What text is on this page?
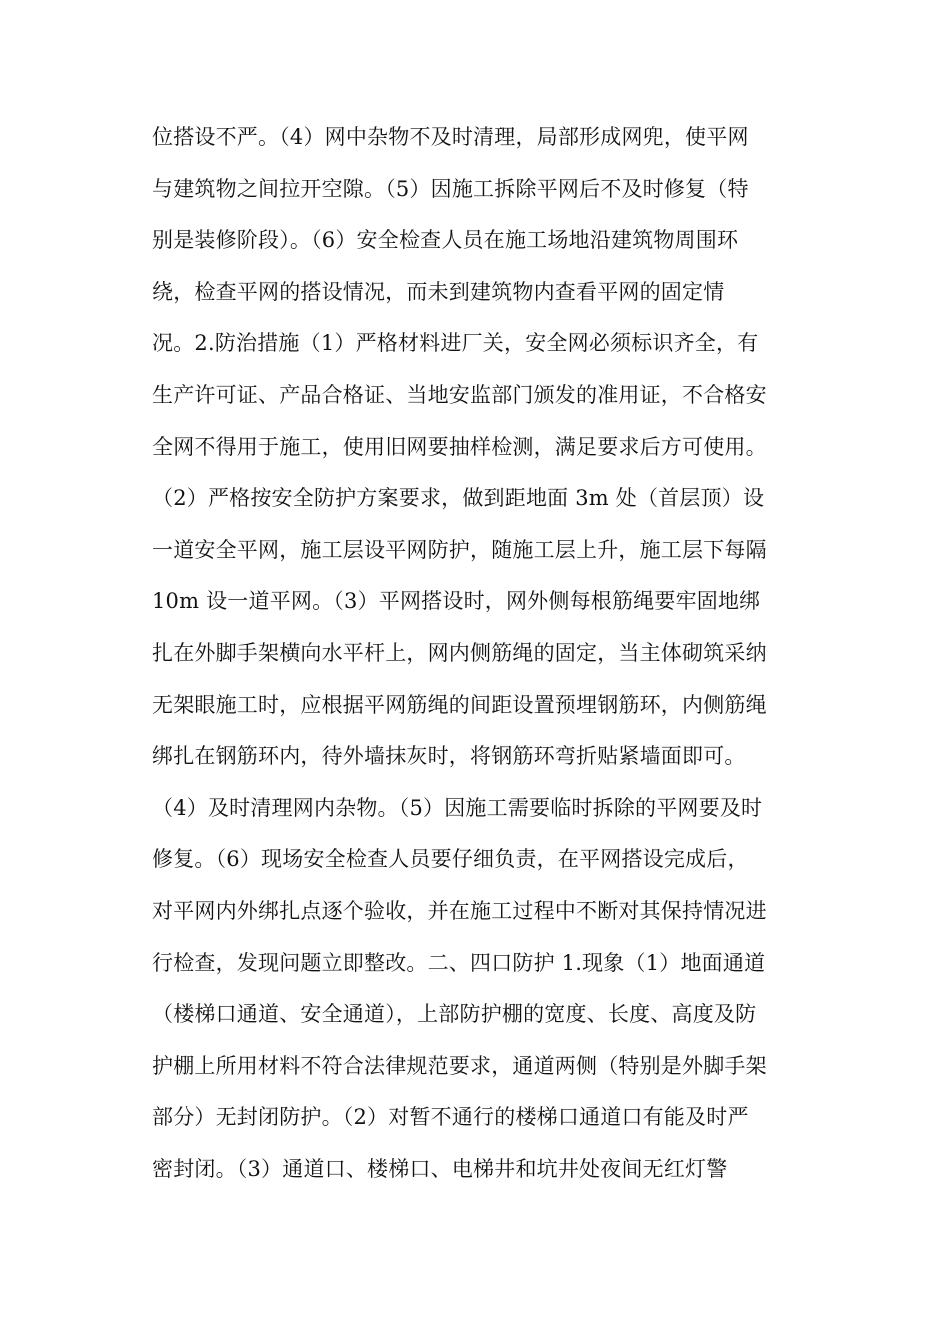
位搭设不严。（4）网中杂物不及时清理，局部形成网兜，使平网
与建筑物之间拉开空隙。（5）因施工拆除平网后不及时修复（特
别是装修阶段）。（6）安全检查人员在施工场地沿建筑物周围环
绕，检查平网的搭设情况，而未到建筑物内查看平网的固定情
况。2.防治措施（1）严格材料进厂关，安全网必须标识齐全，有
生产许可证、产品合格证、当地安监部门颁发的准用证，不合格安
全网不得用于施工，使用旧网要抽样检测，满足要求后方可使用。
（2）严格按安全防护方案要求，做到距地面 3m 处（首层顶）设
一道安全平网，施工层设平网防护，随施工层上升，施工层下每隔
10m 设一道平网。（3）平网搭设时，网外侧每根筋绳要牢固地绑
扎在外脚手架横向水平杆上，网内侧筋绳的固定，当主体砌筑采纳
无架眼施工时，应根据平网筋绳的间距设置预埋钢筋环，内侧筋绳
绑扎在钢筋环内，待外墙抹灰时，将钢筋环弯折贴紧墙面即可。
（4）及时清理网内杂物。（5）因施工需要临时拆除的平网要及时
修复。（6）现场安全检查人员要仔细负责，在平网搭设完成后，
对平网内外绑扎点逐个验收，并在施工过程中不断对其保持情况进
行检查，发现问题立即整改。二、四口防护 1.现象（1）地面通道
（楼梯口通道、安全通道），上部防护棚的宽度、长度、高度及防
护棚上所用材料不符合法律规范要求，通道两侧（特别是外脚手架
部分）无封闭防护。（2）对暂不通行的楼梯口通道口有能及时严
密封闭。（3）通道口、楼梯口、电梯井和坑井处夜间无红灯警
